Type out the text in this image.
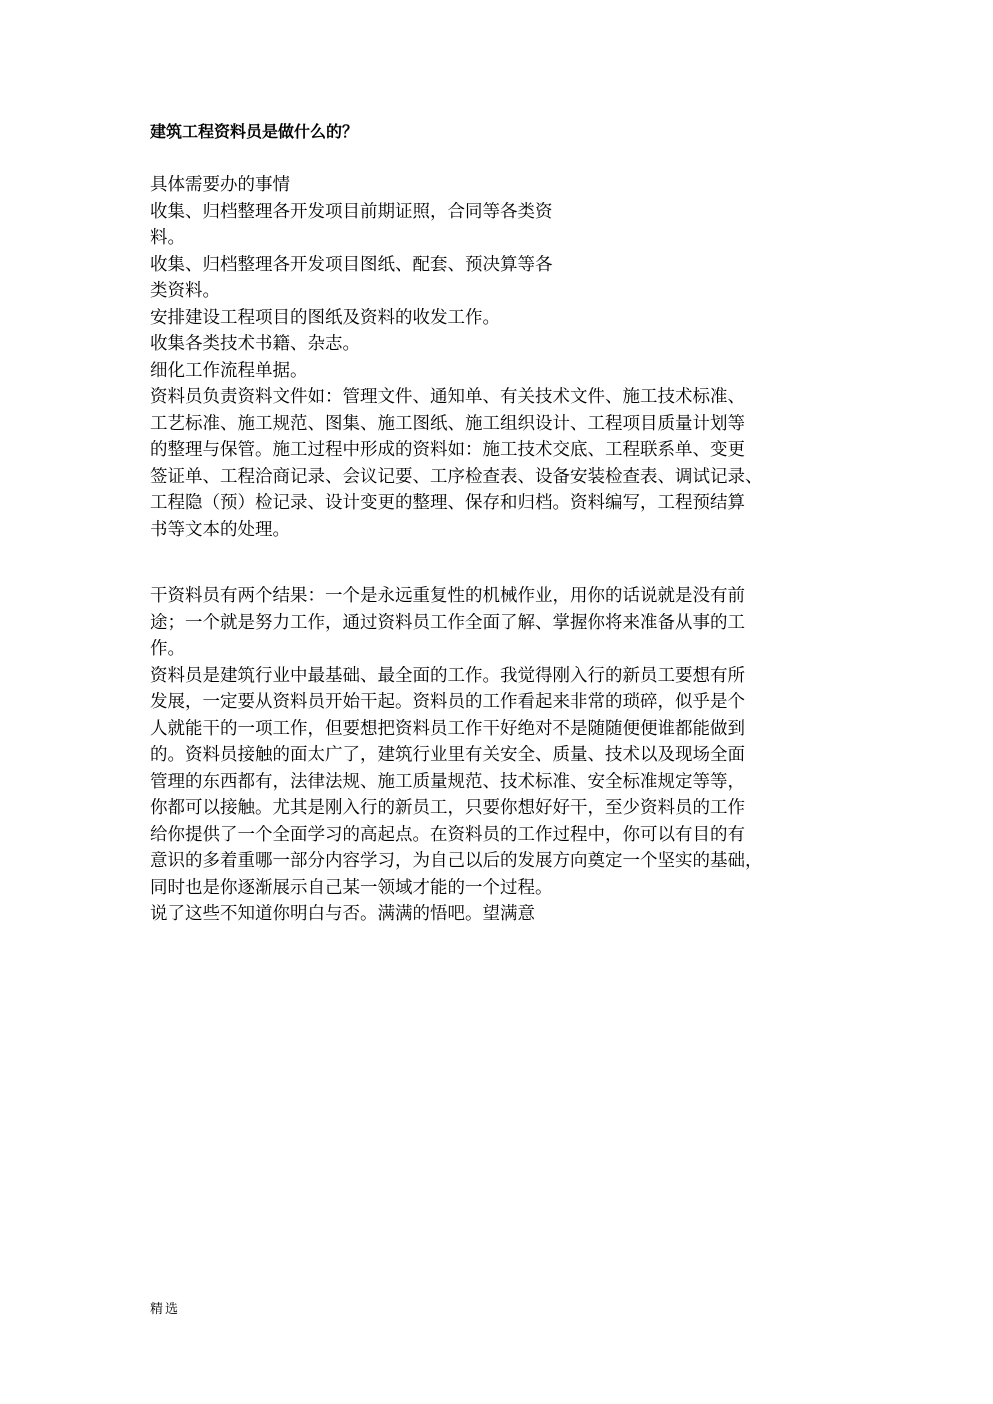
建筑工程资料员是做什么的？
具体需要办的事情
收集、归档整理各开发项目前期证照，合同等各类资
料。
收集、归档整理各开发项目图纸、配套、预决算等各
类资料。
安排建设工程项目的图纸及资料的收发工作。
收集各类技术书籍、杂志。
细化工作流程单据。
资料员负责资料文件如：管理文件、通知单、有关技术文件、施工技术标准、
工艺标准、施工规范、图集、施工图纸、施工组织设计、工程项目质量计划等
的整理与保管。施工过程中形成的资料如：施工技术交底、工程联系单、变更
签证单、工程洽商记录、会议记要、工序检查表、设备安装检查表、调试记录、
工程隐（预）检记录、设计变更的整理、保存和归档。资料编写，工程预结算
书等文本的处理。
干资料员有两个结果：一个是永远重复性的机械作业，用你的话说就是没有前
途；一个就是努力工作，通过资料员工作全面了解、掌握你将来准备从事的工
作。
资料员是建筑行业中最基础、最全面的工作。我觉得刚入行的新员工要想有所
发展，一定要从资料员开始干起。资料员的工作看起来非常的琐碎，似乎是个
人就能干的一项工作，但要想把资料员工作干好绝对不是随随便便谁都能做到
的。资料员接触的面太广了，建筑行业里有关安全、质量、技术以及现场全面
管理的东西都有，法律法规、施工质量规范、技术标准、安全标准规定等等，
你都可以接触。尤其是刚入行的新员工，只要你想好好干，至少资料员的工作
给你提供了一个全面学习的高起点。在资料员的工作过程中，你可以有目的有
意识的多着重哪一部分内容学习，为自己以后的发展方向奠定一个坚实的基础，
同时也是你逐渐展示自己某一领域才能的一个过程。
说了这些不知道你明白与否。满满的悟吧。望满意
精选
